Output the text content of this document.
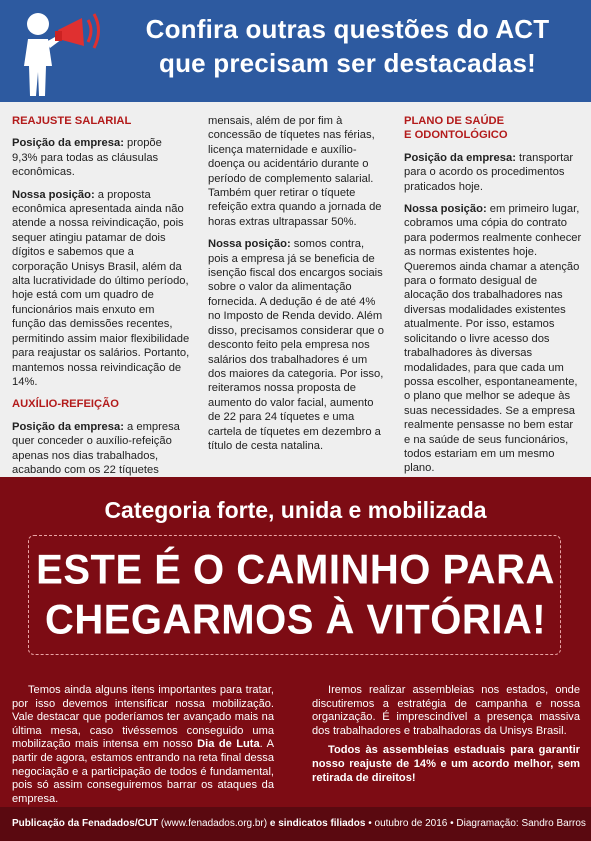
Confira outras questões do ACT
que precisam ser destacadas!
REAJUSTE SALARIAL

Posição da empresa: propõe 9,3% para todas as cláusulas econômicas.

Nossa posição: a proposta econômica apresentada ainda não atende a nossa reivindicação, pois sequer atingiu patamar de dois dígitos e sabemos que a corporação Unisys Brasil, além da alta lucratividade do último período, hoje está com um quadro de funcionários mais enxuto em função das demissões recentes, permitindo assim maior flexibilidade para reajustar os salários. Portanto, mantemos nossa reivindicação de 14%.

AUXÍLIO-REFEIÇÃO

Posição da empresa: a empresa quer conceder o auxílio-refeição apenas nos dias trabalhados, acabando com os 22 tíquetes

mensais, além de por fim à concessão de tíquetes nas férias, licença maternidade e auxílio-doença ou acidentário durante o período de complemento salarial. Também quer retirar o tíquete refeição extra quando a jornada de horas extras ultrapassar 50%.

Nossa posição: somos contra, pois a empresa já se beneficia de isenção fiscal dos encargos sociais sobre o valor da alimentação fornecida. A dedução é de até 4% no Imposto de Renda devido. Além disso, precisamos considerar que o desconto feito pela empresa nos salários dos trabalhadores é um dos maiores da categoria. Por isso, reiteramos nossa proposta de aumento do valor facial, aumento de 22 para 24 tíquetes e uma cartela de tíquetes em dezembro a título de cesta natalina.

PLANO DE SAÚDE
E ODONTOLÓGICO

Posição da empresa: transportar para o acordo os procedimentos praticados hoje.

Nossa posição: em primeiro lugar, cobramos uma cópia do contrato para podermos realmente conhecer as normas existentes hoje. Queremos ainda chamar a atenção para o formato desigual de alocação dos trabalhadores nas diversas modalidades existentes atualmente. Por isso, estamos solicitando o livre acesso dos trabalhadores às diversas modalidades, para que cada um possa escolher, espontaneamente, o plano que melhor se adeque às suas necessidades. Se a empresa realmente pensasse no bem estar e na saúde de seus funcionários, todos estariam em um mesmo plano.

Categoria forte, unida e mobilizada
ESTE É O CAMINHO PARA
CHEGARMOS À VITÓRIA!

Temos ainda alguns itens importantes para tratar, por isso devemos intensificar nossa mobilização. Vale destacar que poderíamos ter avançado mais na última mesa, caso tivéssemos conseguido uma mobilização mais intensa em nosso Dia de Luta. A partir de agora, estamos entrando na reta final dessa negociação e a participação de todos é fundamental, pois só assim conseguiremos barrar os ataques da empresa.

Iremos realizar assembleias nos estados, onde discutiremos a estratégia de campanha e nossa organização. É imprescindível a presença massiva dos trabalhadores e trabalhadoras da Unisys Brasil.

Todos às assembleias estaduais para garantir nosso reajuste de 14% e um acordo melhor, sem retirada de direitos!

Publicação da Fenadados/CUT (www.fenadados.org.br) e sindicatos filiados • outubro de 2016 • Diagramação: Sandro Barros
